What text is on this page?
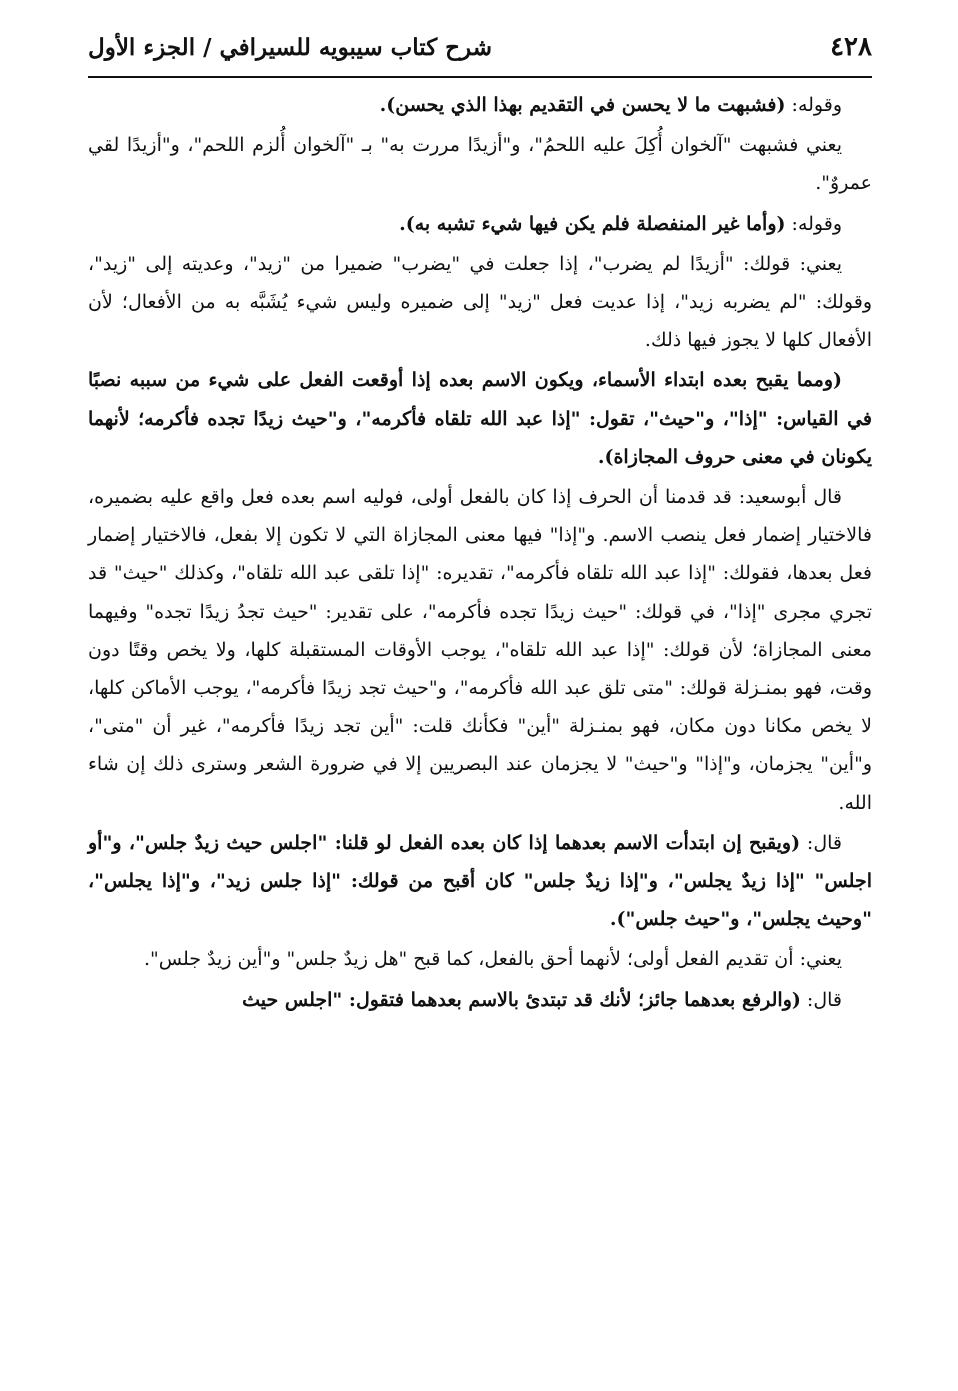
٤٢٨
شرح كتاب سيبويه للسيرافي / الجزء الأول

وقوله: (فشبهت ما لا يحسن في التقديم بهذا الذي يحسن).

يعني فشبهت "آلخوان أُكِلَ عليه اللحمُ"، و"أزيدًا مررت به" بـ "آلخوان أُلزم اللحم"، و"أزيدًا لقي عمروٌ".

وقوله: (وأما غير المنفصلة فلم يكن فيها شيء تشبه به).

يعني: قولك: "أزيدًا لم يضرب"، إذا جعلت في "يضرب" ضميرا من "زيد"، وعديته إلى "زيد"، وقولك: "لم يضربه زيد"، إذا عديت فعل "زيد" إلى ضميره وليس شيء يُشَبَّه به من الأفعال؛ لأن الأفعال كلها لا يجوز فيها ذلك.

(ومما يقبح بعده ابتداء الأسماء، ويكون الاسم بعده إذا أوقعت الفعل على شيء من سببه نصبًا في القياس: "إذا"، و"حيث"، تقول: "إذا عبد الله تلقاه فأكرمه"، و"حيث زيدًا تجده فأكرمه؛ لأنهما يكونان في معنى حروف المجازاة).

قال أبوسعيد: قد قدمنا أن الحرف إذا كان بالفعل أولى، فوليه اسم بعده فعل واقع عليه بضميره، فالاختيار إضمار فعل ينصب الاسم. و"إذا" فيها معنى المجازاة التي لا تكون إلا بفعل، فالاختيار إضمار فعل بعدها، فقولك: "إذا عبد الله تلقاه فأكرمه"، تقديره: "إذا تلقى عبد الله تلقاه"، وكذلك "حيث" قد تجري مجرى "إذا"، في قولك: "حيث زيدًا تجده فأكرمه"، على تقدير: "حيث تجدُ زيدًا تجده" وفيهما معنى المجازاة؛ لأن قولك: "إذا عبد الله تلقاه"، يوجب الأوقات المستقبلة كلها، ولا يخص وقتًا دون وقت، فهو بمنـزلة قولك: "متى تلق عبد الله فأكرمه"، و"حيث تجد زيدًا فأكرمه"، يوجب الأماكن كلها، لا يخص مكانا دون مكان، فهو بمنـزلة "أين" فكأنك قلت: "أين تجد زيدًا فأكرمه"، غير أن "متى"، و"أين" يجزمان، و"إذا" و"حيث" لا يجزمان عند البصريين إلا في ضرورة الشعر وسترى ذلك إن شاء الله.

قال: (ويقبح إن ابتدأت الاسم بعدهما إذا كان بعده الفعل لو قلنا: "اجلس حيث زيدٌ جلس"، و"أو اجلس" "إذا زيدٌ يجلس"، و"إذا زيدٌ جلس" كان أقبح من قولك: "إذا جلس زيد"، و"إذا يجلس"، "وحيث يجلس"، و"حيث جلس").

يعني: أن تقديم الفعل أولى؛ لأنهما أحق بالفعل، كما قبح "هل زيدٌ جلس" و"أين زيدٌ جلس".

قال: (والرفع بعدهما جائز؛ لأنك قد تبتدئ بالاسم بعدهما فتقول: "اجلس حيث
